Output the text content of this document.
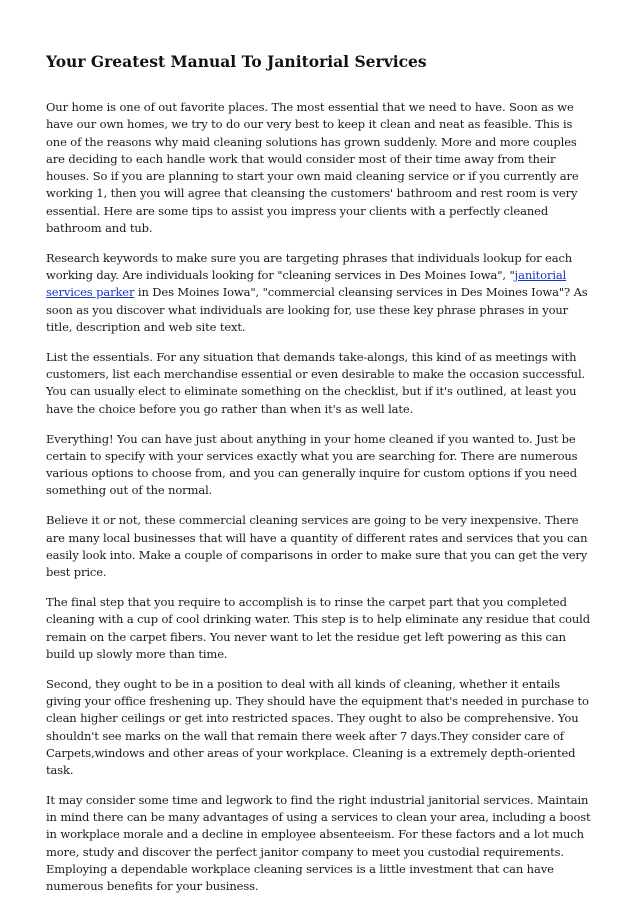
Your Greatest Manual To Janitorial Services

Our home is one of out favorite places. The most essential that we need to have. Soon as we have our own homes, we try to do our very best to keep it clean and neat as feasible. This is one of the reasons why maid cleaning solutions has grown suddenly. More and more couples are deciding to each handle work that would consider most of their time away from their houses. So if you are planning to start your own maid cleaning service or if you currently are working 1, then you will agree that cleansing the customers' bathroom and rest room is very essential. Here are some tips to assist you impress your clients with a perfectly cleaned bathroom and tub.

Research keywords to make sure you are targeting phrases that individuals lookup for each working day. Are individuals looking for "cleaning services in Des Moines Iowa", "janitorial services parker in Des Moines Iowa", "commercial cleansing services in Des Moines Iowa"? As soon as you discover what individuals are looking for, use these key phrase phrases in your title, description and web site text.

List the essentials. For any situation that demands take-alongs, this kind of as meetings with customers, list each merchandise essential or even desirable to make the occasion successful. You can usually elect to eliminate something on the checklist, but if it's outlined, at least you have the choice before you go rather than when it's as well late.

Everything! You can have just about anything in your home cleaned if you wanted to. Just be certain to specify with your services exactly what you are searching for. There are numerous various options to choose from, and you can generally inquire for custom options if you need something out of the normal.

Believe it or not, these commercial cleaning services are going to be very inexpensive. There are many local businesses that will have a quantity of different rates and services that you can easily look into. Make a couple of comparisons in order to make sure that you can get the very best price.

The final step that you require to accomplish is to rinse the carpet part that you completed cleaning with a cup of cool drinking water. This step is to help eliminate any residue that could remain on the carpet fibers. You never want to let the residue get left powering as this can build up slowly more than time.

Second, they ought to be in a position to deal with all kinds of cleaning, whether it entails giving your office freshening up. They should have the equipment that's needed in purchase to clean higher ceilings or get into restricted spaces. They ought to also be comprehensive. You shouldn't see marks on the wall that remain there week after 7 days.They consider care of Carpets,windows and other areas of your workplace. Cleaning is a extremely depth-oriented task.

It may consider some time and legwork to find the right industrial janitorial services. Maintain in mind there can be many advantages of using a services to clean your area, including a boost in workplace morale and a decline in employee absenteeism. For these factors and a lot much more, study and discover the perfect janitor company to meet you custodial requirements. Employing a dependable workplace cleaning services is a little investment that can have numerous benefits for your business.
